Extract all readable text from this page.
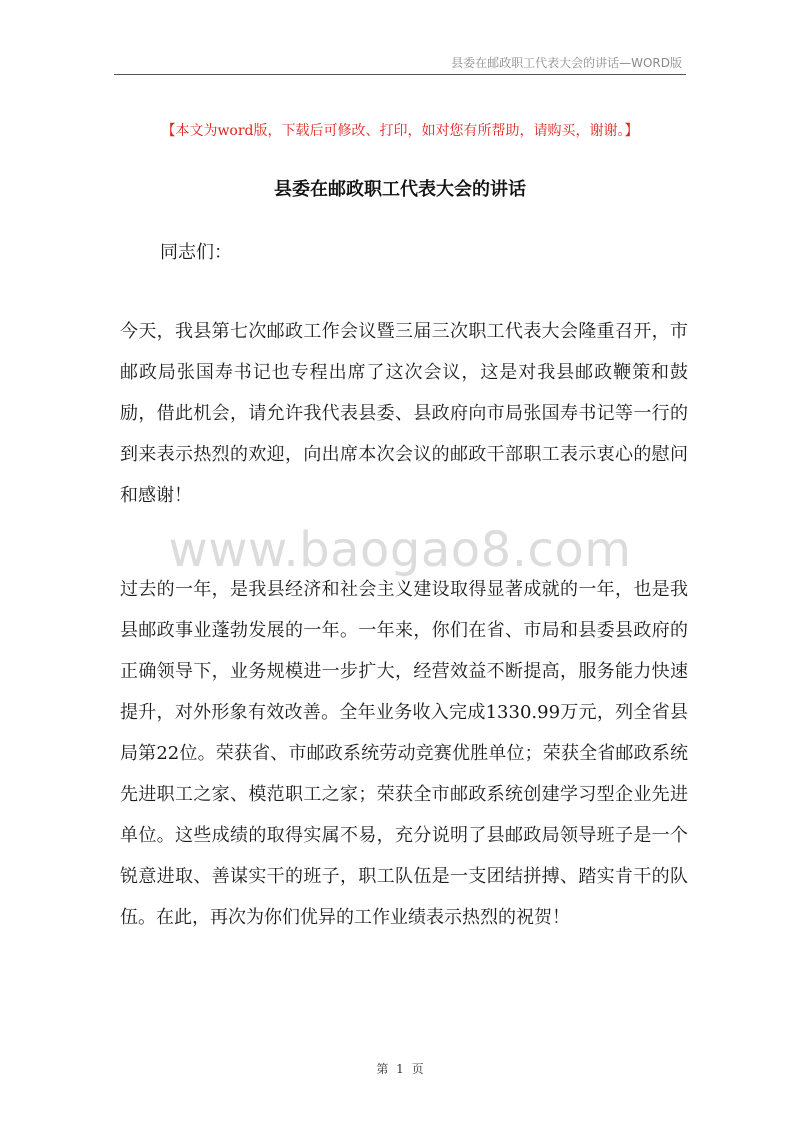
县委在邮政职工代表大会的讲话—WORD版
【本文为word版，下载后可修改、打印，如对您有所帮助，请购买，谢谢。】
县委在邮政职工代表大会的讲话
同志们：

今天，我县第七次邮政工作会议暨三届三次职工代表大会隆重召开，市邮政局张国寿书记也专程出席了这次会议，这是对我县邮政鞭策和鼓励，借此机会，请允许我代表县委、县政府向市局张国寿书记等一行的到来表示热烈的欢迎，向出席本次会议的邮政干部职工表示衷心的慰问和感谢！

www.baogao8.com

过去的一年，是我县经济和社会主义建设取得显著成就的一年，也是我县邮政事业蓬勃发展的一年。一年来，你们在省、市局和县委县政府的正确领导下，业务规模进一步扩大，经营效益不断提高，服务能力快速提升，对外形象有效改善。全年业务收入完成1330.99万元，列全省县局第22位。荣获省、市邮政系统劳动竞赛优胜单位；荣获全省邮政系统先进职工之家、模范职工之家；荣获全市邮政系统创建学习型企业先进单位。这些成绩的取得实属不易，充分说明了县邮政局领导班子是一个锐意进取、善谋实干的班子，职工队伍是一支团结拼搏、踏实肯干的队伍。在此，再次为你们优异的工作业绩表示热烈的祝贺！

第 1 页
